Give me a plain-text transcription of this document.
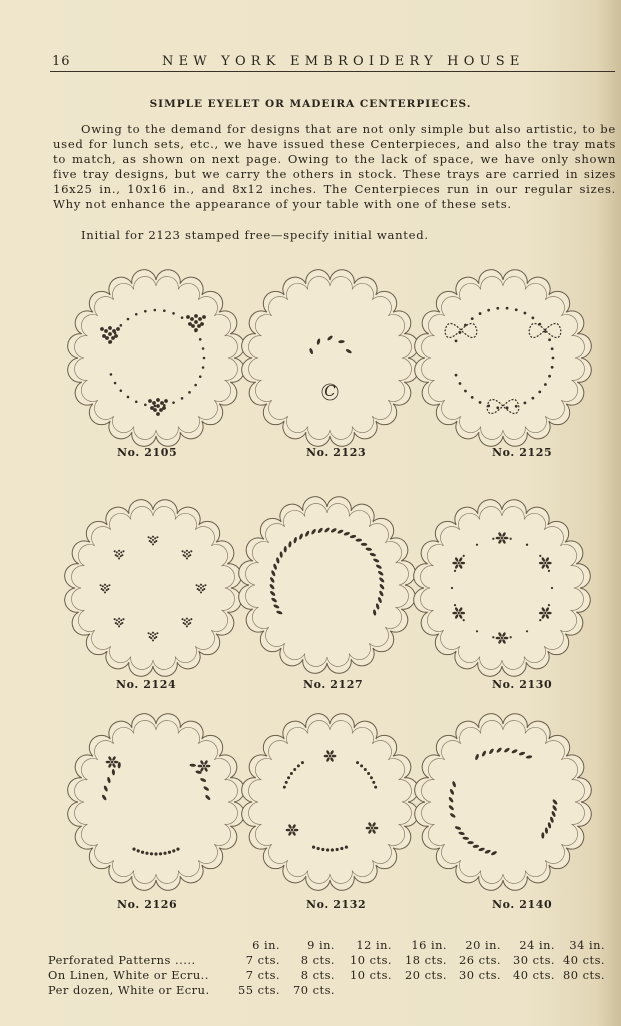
16	NEW YORK EMBROIDERY HOUSE
SIMPLE EYELET OR MADEIRA CENTERPIECES.

Owing to the demand for designs that are not only simple but also artistic, to be used for lunch sets, etc., we have issued these Centerpieces, and also the tray mats to match, as shown on next page. Owing to the lack of space, we have only shown five tray designs, but we carry the others in stock. These trays are carried in sizes 16x25 in., 10x16 in., and 8x12 inches. The Centerpieces run in our regular sizes. Why not enhance the appearance of your table with one of these sets.

Initial for 2123 stamped free—specify initial wanted.
C
No. 2105	No. 2123	No. 2125
No. 2124	No. 2127	No. 2130
No. 2126	No. 2132	No. 2140
	6 in.	9 in.	12 in.	16 in.	20 in.	24 in.	34 in.
Perforated Patterns .....	7 cts.	8 cts.	10 cts.	18 cts.	26 cts.	30 cts.	40 cts.
On Linen, White or Ecru..	7 cts.	8 cts.	10 cts.	20 cts.	30 cts.	40 cts.	80 cts.
Per dozen, White or Ecru.	55 cts.	70 cts.					
